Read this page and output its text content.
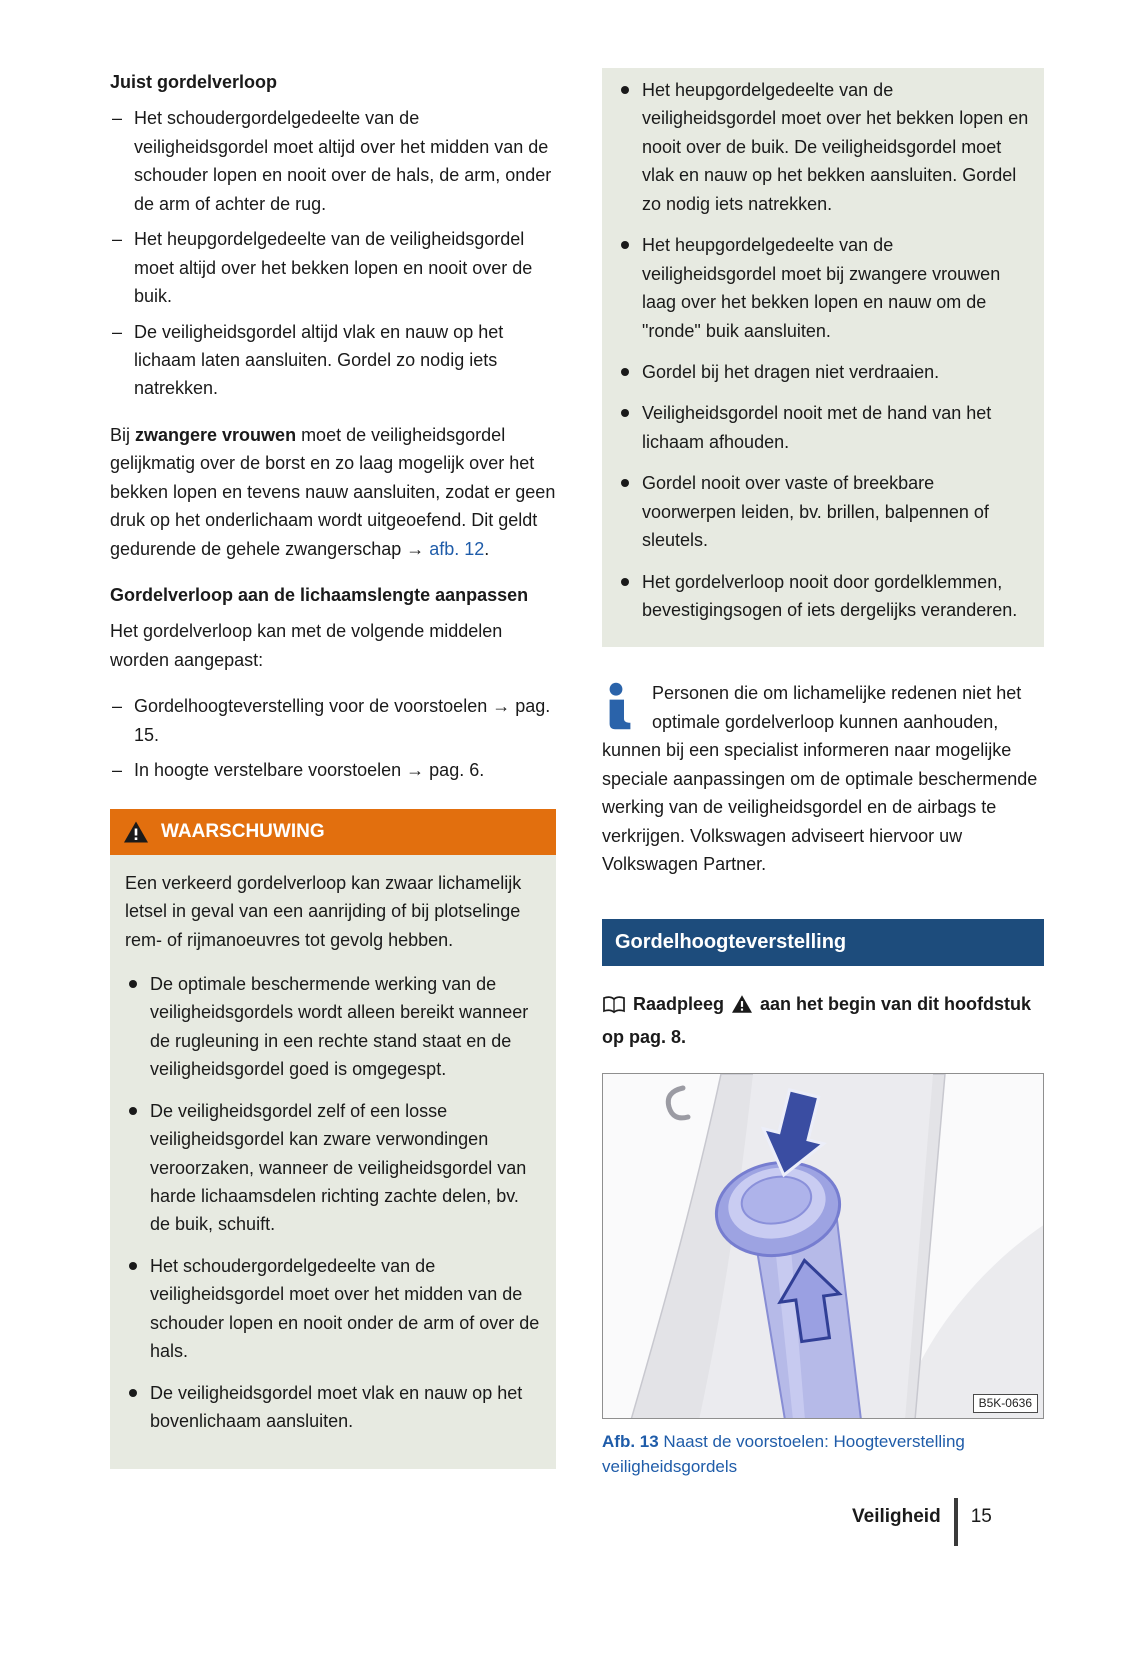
Juist gordelverloop
– Het schoudergordelgedeelte van de veiligheidsgordel moet altijd over het midden van de schouder lopen en nooit over de hals, de arm, onder de arm of achter de rug.
– Het heupgordelgedeelte van de veiligheidsgordel moet altijd over het bekken lopen en nooit over de buik.
– De veiligheidsgordel altijd vlak en nauw op het lichaam laten aansluiten. Gordel zo nodig iets natrekken.

Bij zwangere vrouwen moet de veiligheidsgordel gelijkmatig over de borst en zo laag mogelijk over het bekken lopen en tevens nauw aansluiten, zodat er geen druk op het onderlichaam wordt uitgeoefend. Dit geldt gedurende de gehele zwangerschap → afb. 12.

Gordelverloop aan de lichaamslengte aanpassen

Het gordelverloop kan met de volgende middelen worden aangepast:

– Gordelhoogteverstelling voor de voorstoelen → pag. 15.
– In hoogte verstelbare voorstoelen → pag. 6.
WAARSCHUWING

Een verkeerd gordelverloop kan zwaar lichamelijk letsel in geval van een aanrijding of bij plotselinge rem- of rijmanoeuvres tot gevolg hebben.

De optimale beschermende werking van de veiligheidsgordels wordt alleen bereikt wanneer de rugleuning in een rechte stand staat en de veiligheidsgordel goed is omgegespt.
De veiligheidsgordel zelf of een losse veiligheidsgordel kan zware verwondingen veroorzaken, wanneer de veiligheidsgordel van harde lichaamsdelen richting zachte delen, bv. de buik, schuift.
Het schoudergordelgedeelte van de veiligheidsgordel moet over het midden van de schouder lopen en nooit onder de arm of over de hals.
De veiligheidsgordel moet vlak en nauw op het bovenlichaam aansluiten.
Het heupgordelgedeelte van de veiligheidsgordel moet over het bekken lopen en nooit over de buik. De veiligheidsgordel moet vlak en nauw op het bekken aansluiten. Gordel zo nodig iets natrekken.
Het heupgordelgedeelte van de veiligheidsgordel moet bij zwangere vrouwen laag over het bekken lopen en nauw om de "ronde" buik aansluiten.
Gordel bij het dragen niet verdraaien.
Veiligheidsgordel nooit met de hand van het lichaam afhouden.
Gordel nooit over vaste of breekbare voorwerpen leiden, bv. brillen, balpennen of sleutels.
Het gordelverloop nooit door gordelklemmen, bevestigingsogen of iets dergelijks veranderen.
Personen die om lichamelijke redenen niet het optimale gordelverloop kunnen aanhouden, kunnen bij een specialist informeren naar mogelijke speciale aanpassingen om de optimale beschermende werking van de veiligheidsgordel en de airbags te verkrijgen. Volkswagen adviseert hiervoor uw Volkswagen Partner.
Gordelhoogteverstelling

Raadpleeg aan het begin van dit hoofdstuk op pag. 8.

B5K-0636

Afb. 13 Naast de voorstoelen: Hoogteverstelling veiligheidsgordels

Veiligheid 15
